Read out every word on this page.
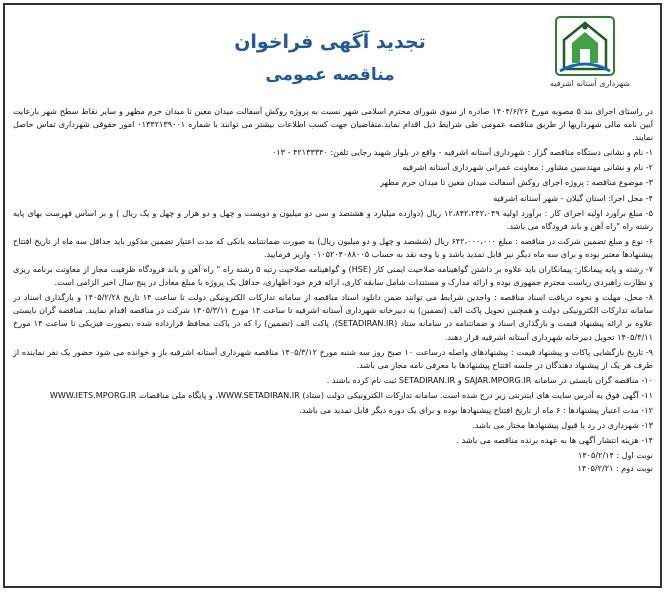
شهرداری آستانه اشرفیه
تجدید آگهی فراخوان
مناقصه عمومی

در راستای اجرای بند ۵ مصوبه مورخ ۱۴۰۴/۶/۲۶ صادره از سوی شورای محترم اسلامی شهر نسبت به پروژه روکش آسفالت میدان معین تا میدان حرم مطهر و سایر نقاط سطح شهر بارعایت آیین نامه مالی شهرداریها از طریق مناقصه عمومی طی شرایط ذیل اقدام نماید.متقاضیان جهت کسب اطلاعات بیشتر می توانند با شماره ۰۱۳۴۲۱۳۹۰۰۱ امور حقوقی شهرداری تماس حاصل نمایند.

۱- نام و نشانی دستگاه مناقصه گزار : شهرداری آستانه اشرفیه - واقع در بلوار شهید رجایی تلفن: ۴۲۱۳۳۳۴۰ - ۰۱۳

۲- نام و نشانی مهندسین مشاور : معاونت عمرانی شهرداری آستانه اشرفیه

۳- موضوع مناقصه : پروژه اجرای روکش آسفالت میدان معین تا میدان حرم مطهر

۴- محل اجرا: استان گیلان - شهر آستانه اشرفیه

۵- مبلغ برآورد اولیه اجرای کار : برآورد اولیه ۱۲،۸۴۲،۲۴۲،۰۴۹ ریال (دوازده میلیارد و هشتصد و سی دو میلیون و دویست و چهل و دو هزار و چهل و یک ریال ) و بر اساس فهرست بهای پایه رشته راه "راه آهن و باند فرودگاه می باشد.

۶- نوع و مبلغ تضمین شرکت در مناقصه : مبلغ ۶۴۲،۰۰۰،۰۰۰ ریال (ششصد و چهل و دو میلیون ریال) به صورت ضمانتنامه بانکی که مدت اعتبار تضمین مذکور باید حداقل سه ماه از تاریخ افتتاح پیشنهادها معتبر بوده و برای سه ماه دیگر نیز قابل تمدید باشد و یا وجه نقد به حساب ۰۱۰۵۲۰۴۰۸۸۰۰۵ واریز فرمایید.

۷- رشته و پایه پیمانکار: پیمانکاران باید علاوه بر داشتن گواهینامه صلاحیت ایمنی کار (HSE) و گواهینامه صلاحیت رتبه ۵ رشته راه " راه آهن و باند فرودگاه ظرفیت مجاز از معاونت برنامه ریزی و نظارت راهبردی ریاست محترم جمهوری بوده و ارائه مدارک و مستندات شامل سابقه کاری، ارائه فرم خود اظهاری، حداقل یک پروژه با مبلغ معادل در پنج سال اخیر الزامی است.

۸- محل، مهلت و نحوه دریافت اسناد مناقصه : واجدین شرایط می توانند ضمن دانلود اسناد مناقصه از سامانه تدارکات الکترونیکی دولت تا ساعت ۱۴ تاریخ ۱۴۰۵/۲/۲۸ و بارگذاری اسناد در سامانه تدارکات الکترونیکی دولت و همچنین تحویل پاکت الف (تضمین) به دبیرخانه شهرداری آستانه اشرفیه تا ساعت ۱۴ مورخ ۱۴۰۵/۳/۱۱ شرکت در مناقصه اقدام نمایند. مناقصه گران بایستی علاوه بر ارائه پیشنهاد قیمت و بارگذاری اسناد و ضمانتنامه در سامانه ستاد (SETADIRAN.IR)، پاکت الف (تضمین) را که در پاکت محافظ قرارداده شده ،بصورت فیزیکی تا ساعت ۱۴ مورخ ۱۴۰۵/۳/۱۱ تحویل دبیرخانه شهرداری آستانه اشرفیه قرار دهند.

۹- تاریخ بازگشایی پاکات و پیشنهاد قیمت : پیشنهادهای واصله درساعت ۱۰ صبح روز سه شنبه مورخ ۱۴۰۵/۳/۱۲ مناقصه شهرداری آستانه اشرفیه باز و خوانده می شود حضور یک نفر نماینده از طرف هر یک از پیشنهاد دهندگان در جلسه افتتاح پیشنهادها با معرفی نامه مجاز می باشد.

۱۰- مناقصه گران بایستی در سامانه SAJAR.MPORG.IR و SETADIRAN.IR ثبت نام کرده باشند .

۱۱- آگهی فوق به آدرس سایت های اینترنتی زیر درج شده است. سامانه تدارکات الکترونیکی دولت (ستاد) WWW.SETADIRAN.IR، و پایگاه ملی مناقصات WWW.IETS.MPORG.IR

۱۲- مدت اعتبار پیشنهادها : ۶ ماه از تاریخ افتتاح پیشنهادها بوده و برای یک دوره دیگر قابل تمدید می باشد.

۱۳- شهرداری در رد یا قبول پیشنهادها مختار می باشد.

۱۴- هزینه انتشار آگهی ها به عهده برنده مناقصه می باشد .

نوبت اول : ۱۴۰۵/۲/۱۴
نوبت دوم : ۱۴۰۵/۲/۲۱
